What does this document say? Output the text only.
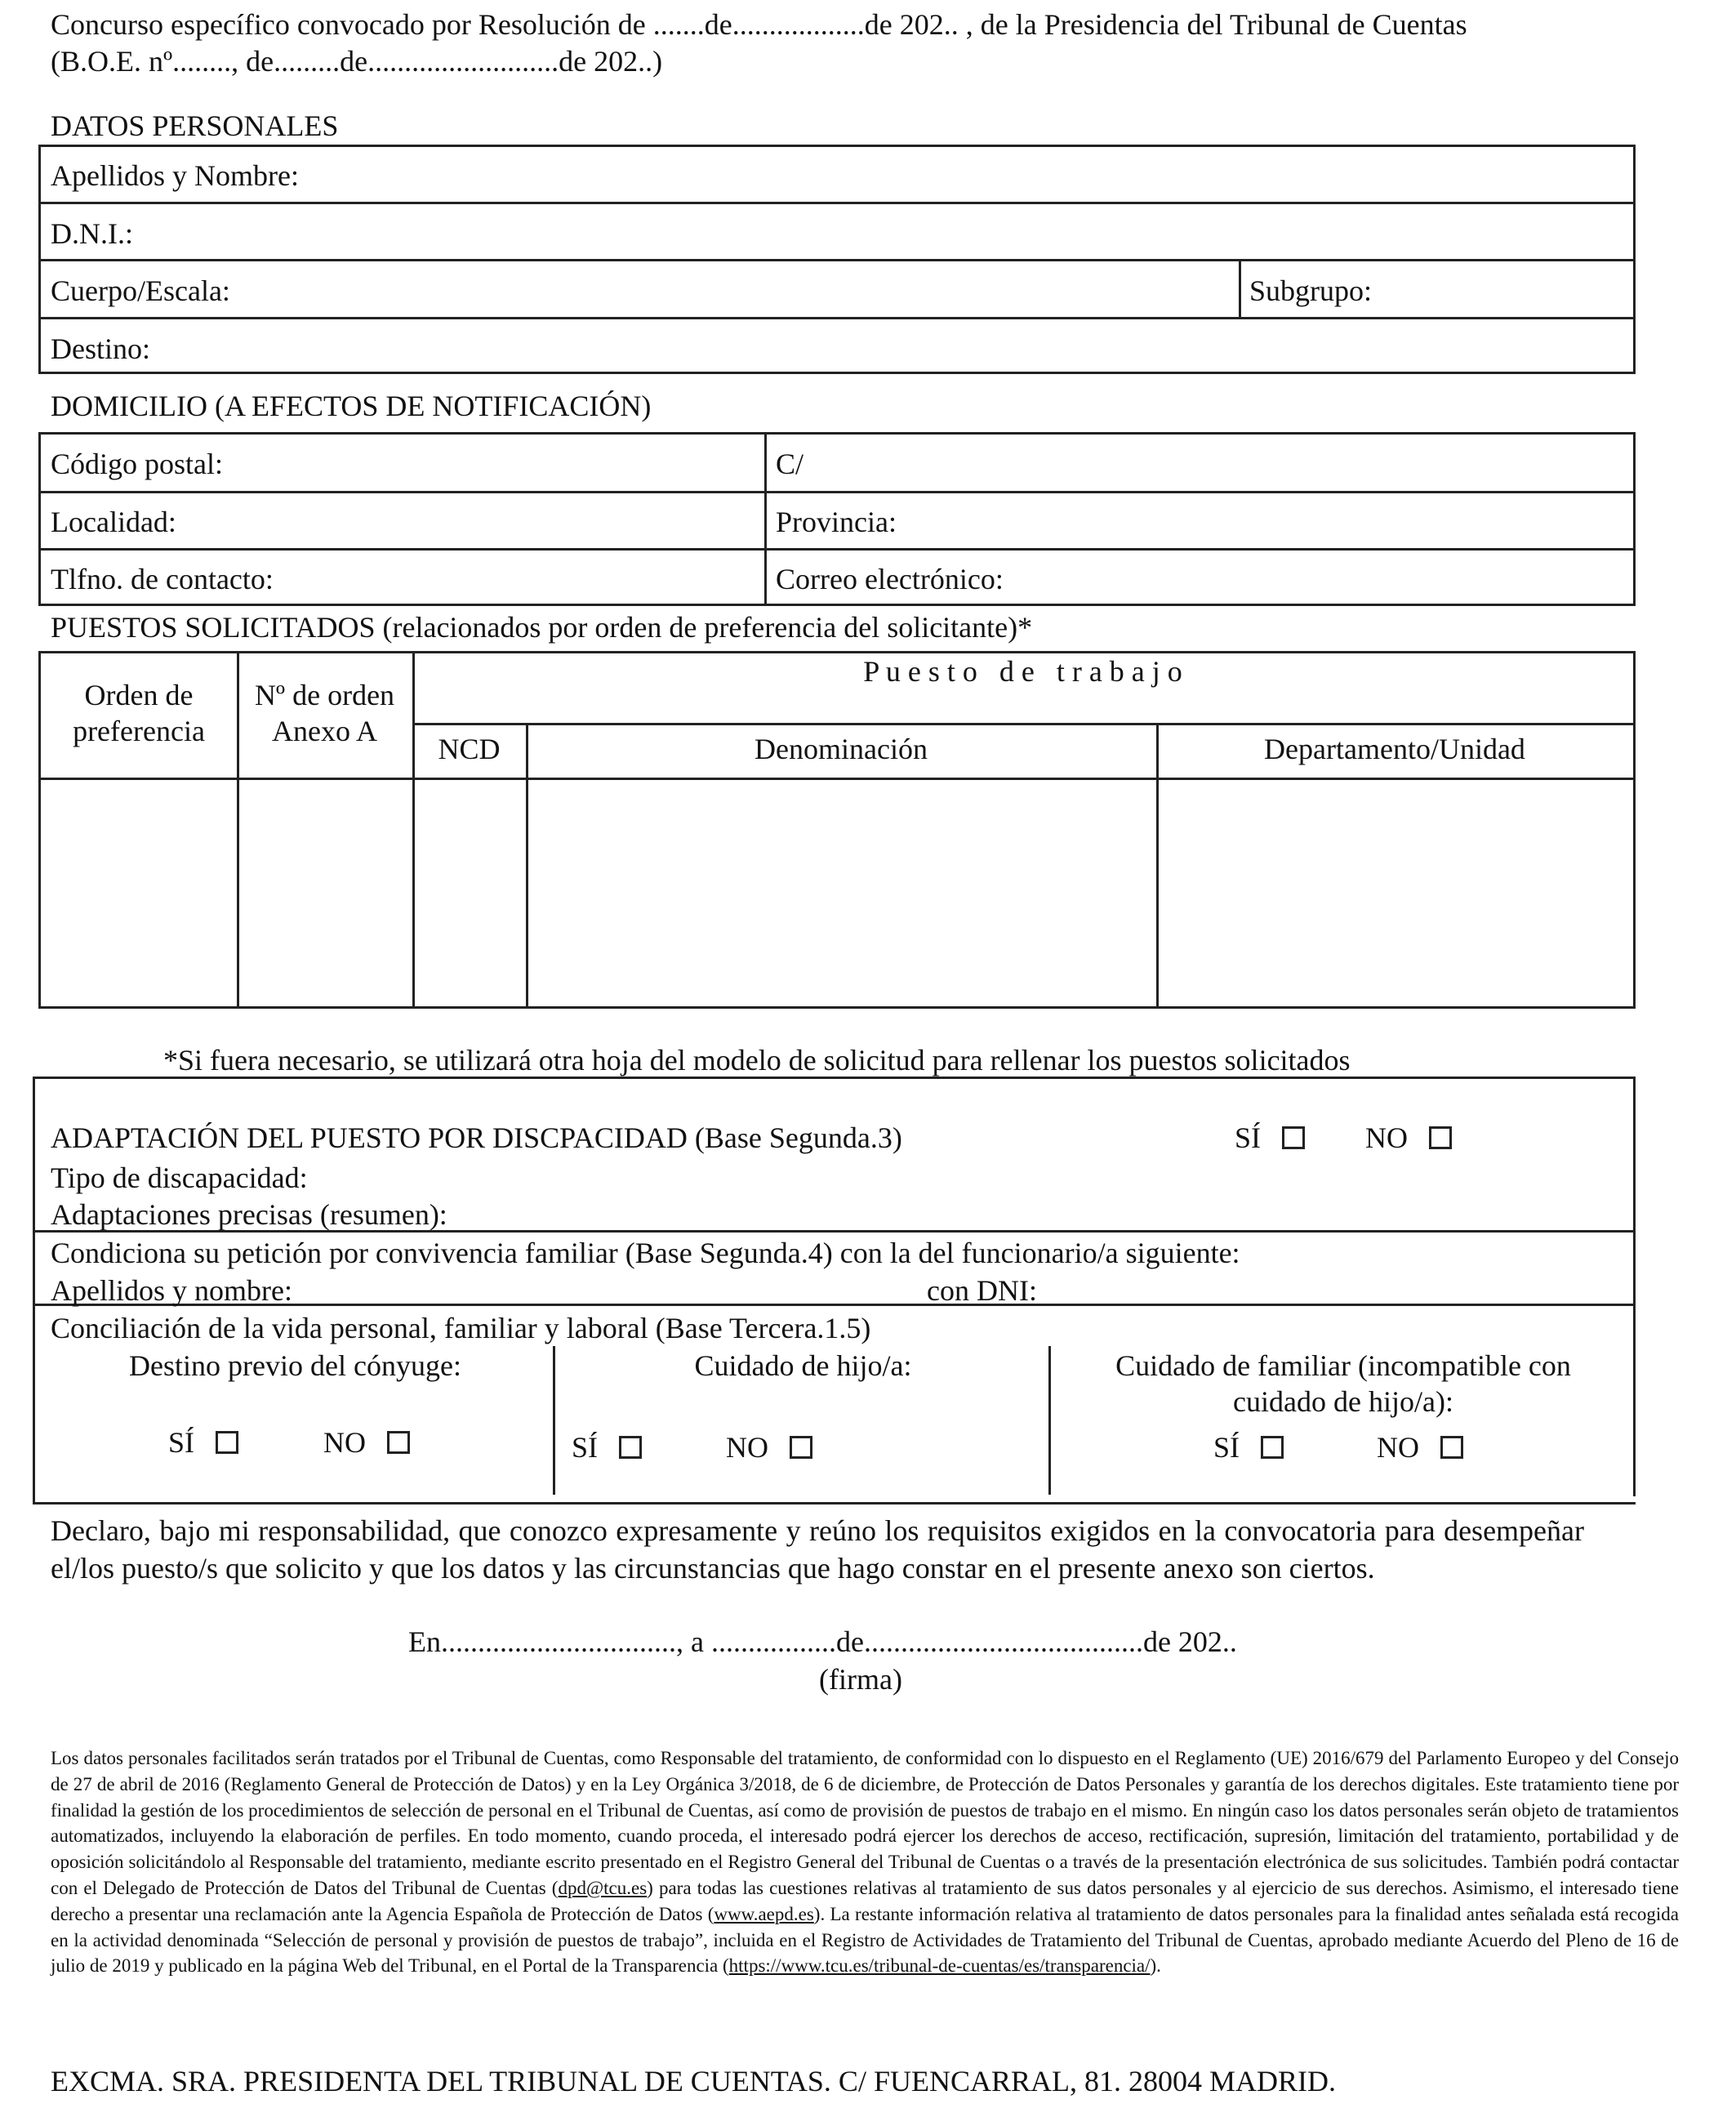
Concurso específico convocado por Resolución de .......de..................de 202.. , de la Presidencia del Tribunal de Cuentas
(B.O.E. nº........, de.........de..........................de 202..)
DATOS PERSONALES
Apellidos y Nombre:
D.N.I.:
Cuerpo/Escala:	Subgrupo:
Destino:
DOMICILIO (A EFECTOS DE NOTIFICACIÓN)
Código postal:	C/
Localidad:	Provincia:
Tlfno. de contacto:	Correo electrónico:
PUESTOS SOLICITADOS (relacionados por orden de preferencia del solicitante)*
Orden de
preferencia
Nº de orden
Anexo A
P u e s t o   d e   t r a b a j o
NCD	Denominación	Departamento/Unidad
*Si fuera necesario, se utilizará otra hoja del modelo de solicitud para rellenar los puestos solicitados
ADAPTACIÓN DEL PUESTO POR DISCPACIDAD (Base Segunda.3)	SÍ	NO
Tipo de discapacidad:
Adaptaciones precisas (resumen):
Condiciona su petición por convivencia familiar (Base Segunda.4) con la del funcionario/a siguiente:
Apellidos y nombre:	con DNI:
Conciliación de la vida personal, familiar y laboral (Base Tercera.1.5)
Destino previo del cónyuge:	Cuidado de hijo/a:	Cuidado de familiar (incompatible con
cuidado de hijo/a):
SÍ	NO	SÍ	NO	SÍ	NO
Declaro, bajo mi responsabilidad, que conozco expresamente y reúno los requisitos exigidos en la convocatoria para desempeñar el/los puesto/s que solicito y que los datos y las circunstancias que hago constar en el presente anexo son ciertos.
En................................, a .................de......................................de 202..
(firma)
Los datos personales facilitados serán tratados por el Tribunal de Cuentas, como Responsable del tratamiento, de conformidad con lo dispuesto en el Reglamento (UE) 2016/679 del Parlamento Europeo y del Consejo de 27 de abril de 2016 (Reglamento General de Protección de Datos) y en la Ley Orgánica 3/2018, de 6 de diciembre, de Protección de Datos Personales y garantía de los derechos digitales. Este tratamiento tiene por finalidad la gestión de los procedimientos de selección de personal en el Tribunal de Cuentas, así como de provisión de puestos de trabajo en el mismo. En ningún caso los datos personales serán objeto de tratamientos automatizados, incluyendo la elaboración de perfiles. En todo momento, cuando proceda, el interesado podrá ejercer los derechos de acceso, rectificación, supresión, limitación del tratamiento, portabilidad y de oposición solicitándolo al Responsable del tratamiento, mediante escrito presentado en el Registro General del Tribunal de Cuentas o a través de la presentación electrónica de sus solicitudes. También podrá contactar con el Delegado de Protección de Datos del Tribunal de Cuentas (dpd@tcu.es) para todas las cuestiones relativas al tratamiento de sus datos personales y al ejercicio de sus derechos. Asimismo, el interesado tiene derecho a presentar una reclamación ante la Agencia Española de Protección de Datos (www.aepd.es). La restante información relativa al tratamiento de datos personales para la finalidad antes señalada está recogida en la actividad denominada “Selección de personal y provisión de puestos de trabajo”, incluida en el Registro de Actividades de Tratamiento del Tribunal de Cuentas, aprobado mediante Acuerdo del Pleno de 16 de julio de 2019 y publicado en la página Web del Tribunal, en el Portal de la Transparencia (https://www.tcu.es/tribunal-de-cuentas/es/transparencia/).
EXCMA. SRA. PRESIDENTA DEL TRIBUNAL DE CUENTAS. C/ FUENCARRAL, 81. 28004 MADRID.
